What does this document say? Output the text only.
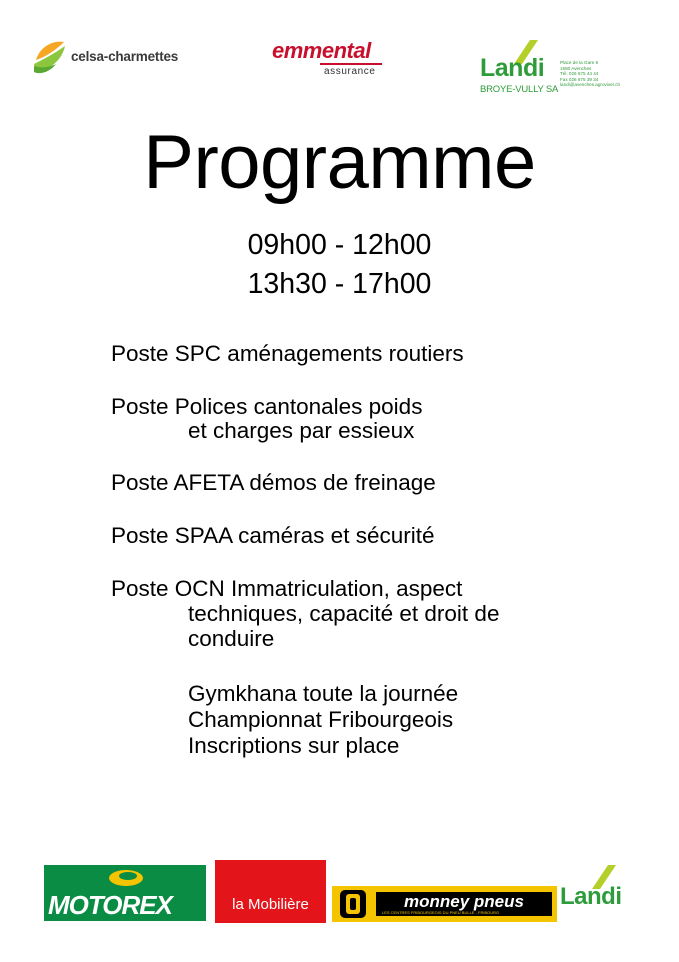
celsa-charmettes	emmental
assurance	Landi
BROYE-VULLY SA
Place de la Gare 9
1580 Avenches
Tél. 026 675 44 44
Fax 026 675 39 34
landi@avenches.agroviver.ch
Programme
09h00 - 12h00
13h30 - 17h00
Poste SPC aménagements routiers
Poste Polices cantonales poids
et charges par essieux
Poste AFETA démos de freinage
Poste SPAA caméras et sécurité
Poste OCN Immatriculation, aspect
techniques, capacité et droit de
conduire
Gymkhana toute la journée
Championnat Fribourgeois
Inscriptions sur place
MOTOREX	la Mobilière	monney pneus
LES CENTRES FRIBOURGEOIS DU PNEU BULLE - FRIBOURG
Landi
